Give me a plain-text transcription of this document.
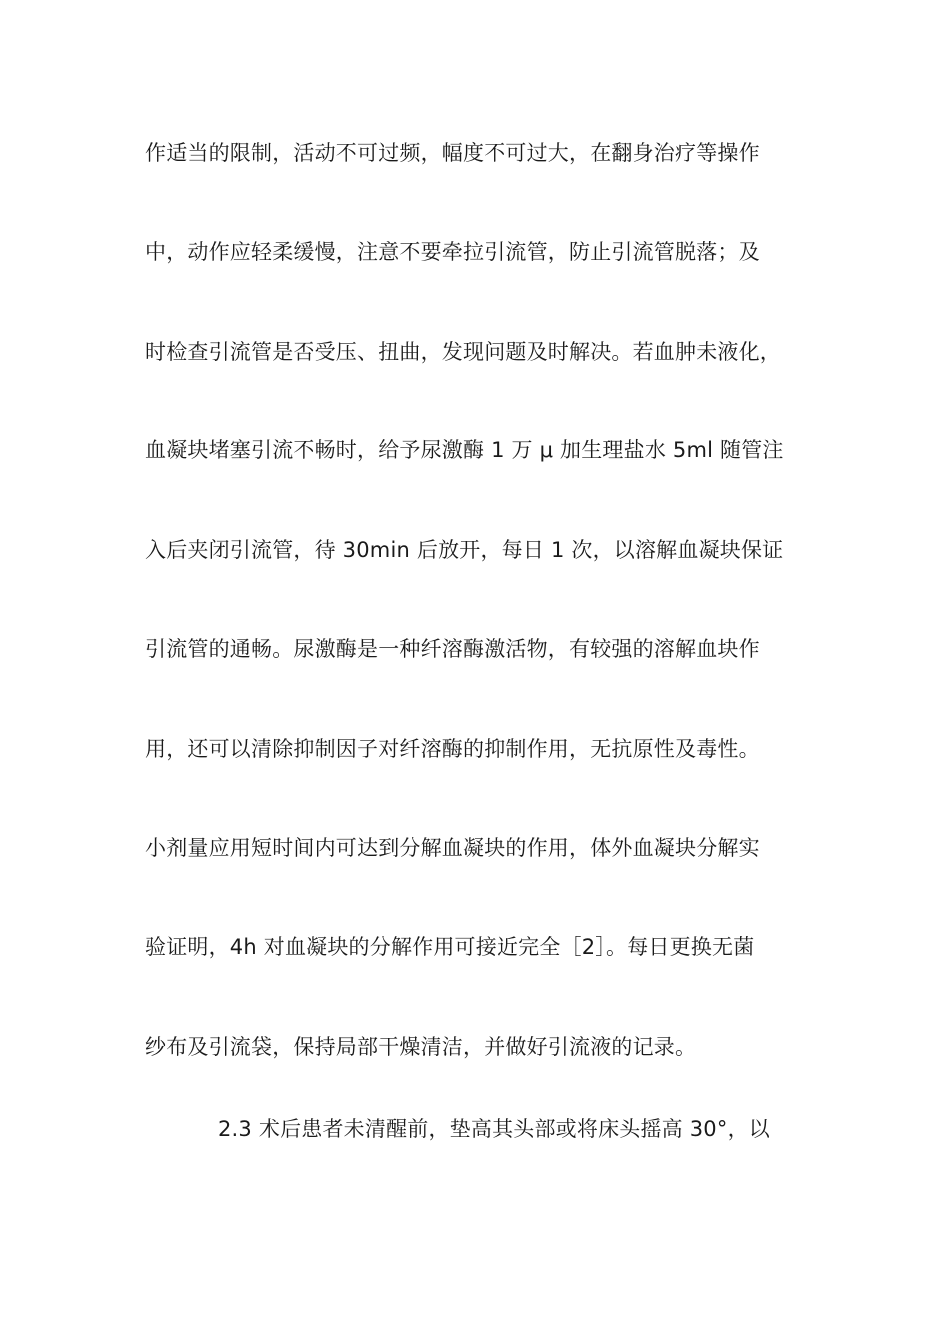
作适当的限制，活动不可过频，幅度不可过大，在翻身治疗等操作
中，动作应轻柔缓慢，注意不要牵拉引流管，防止引流管脱落；及
时检查引流管是否受压、扭曲，发现问题及时解决。若血肿未液化，
血凝块堵塞引流不畅时，给予尿激酶 1 万 μ 加生理盐水 5ml 随管注
入后夹闭引流管，待 30min 后放开，每日 1 次，以溶解血凝块保证
引流管的通畅。尿激酶是一种纤溶酶激活物，有较强的溶解血块作
用，还可以清除抑制因子对纤溶酶的抑制作用，无抗原性及毒性。
小剂量应用短时间内可达到分解血凝块的作用，体外血凝块分解实
验证明，4h 对血凝块的分解作用可接近完全［2］。每日更换无菌
纱布及引流袋，保持局部干燥清洁，并做好引流液的记录。
2.3 术后患者未清醒前，垫高其头部或将床头摇高 30°，以
